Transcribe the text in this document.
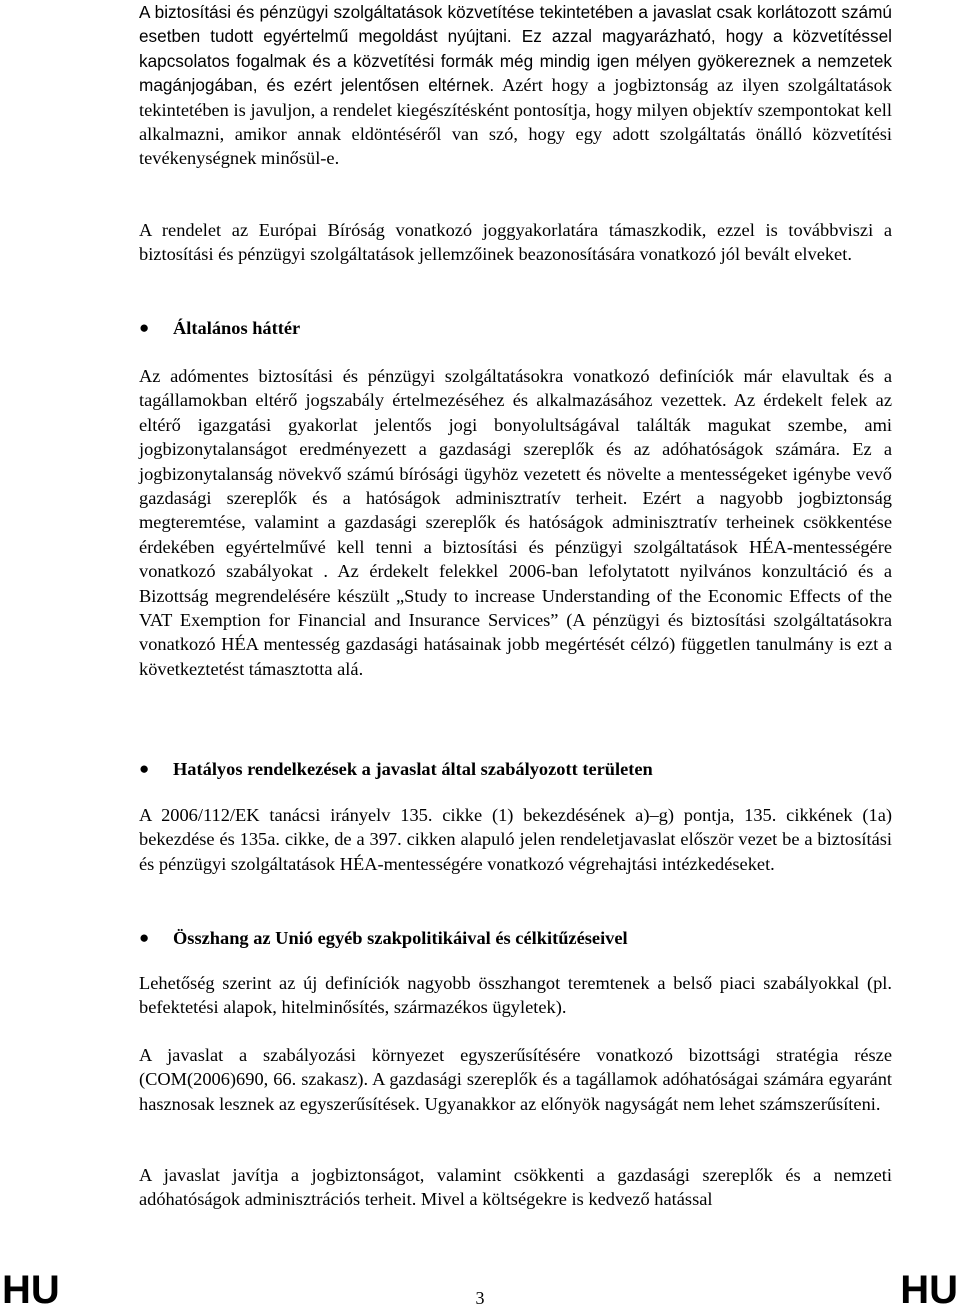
A biztosítási és pénzügyi szolgáltatások közvetítése tekintetében a javaslat csak korlátozott számú esetben tudott egyértelmű megoldást nyújtani. Ez azzal magyarázható, hogy a közvetítéssel kapcsolatos fogalmak és a közvetítési formák még mindig igen mélyen gyökereznek a nemzetek magánjogában, és ezért jelentősen eltérnek. Azért hogy a jogbiztonság az ilyen szolgáltatások tekintetében is javuljon, a rendelet kiegészítésként pontosítja, hogy milyen objektív szempontokat kell alkalmazni, amikor annak eldöntéséről van szó, hogy egy adott szolgáltatás önálló közvetítési tevékenységnek minősül-e.

A rendelet az Európai Bíróság vonatkozó joggyakorlatára támaszkodik, ezzel is továbbviszi a biztosítási és pénzügyi szolgáltatások jellemzőinek beazonosítására vonatkozó jól bevált elveket.

● Általános háttér

Az adómentes biztosítási és pénzügyi szolgáltatásokra vonatkozó definíciók már elavultak és a tagállamokban eltérő jogszabály értelmezéséhez és alkalmazásához vezettek. Az érdekelt felek az eltérő igazgatási gyakorlat jelentős jogi bonyolultságával találták magukat szembe, ami jogbizonytalanságot eredményezett a gazdasági szereplők és az adóhatóságok számára. Ez a jogbizonytalanság növekvő számú bírósági ügyhöz vezetett és növelte a mentességeket igénybe vevő gazdasági szereplők és a hatóságok adminisztratív terheit. Ezért a nagyobb jogbiztonság megteremtése, valamint a gazdasági szereplők és hatóságok adminisztratív terheinek csökkentése érdekében egyértelművé kell tenni a biztosítási és pénzügyi szolgáltatások HÉA-mentességére vonatkozó szabályokat . Az érdekelt felekkel 2006-ban lefolytatott nyilvános konzultáció és a Bizottság megrendelésére készült „Study to increase Understanding of the Economic Effects of the VAT Exemption for Financial and Insurance Services” (A pénzügyi és biztosítási szolgáltatásokra vonatkozó HÉA mentesség gazdasági hatásainak jobb megértését célzó) független tanulmány is ezt a következtetést támasztotta alá.

● Hatályos rendelkezések a javaslat által szabályozott területen

A 2006/112/EK tanácsi irányelv 135. cikke (1) bekezdésének a)–g) pontja, 135. cikkének (1a) bekezdése és 135a. cikke, de a 397. cikken alapuló jelen rendeletjavaslat először vezet be a biztosítási és pénzügyi szolgáltatások HÉA-mentességére vonatkozó végrehajtási intézkedéseket.

● Összhang az Unió egyéb szakpolitikáival és célkitűzéseivel

Lehetőség szerint az új definíciók nagyobb összhangot teremtenek a belső piaci szabályokkal (pl. befektetési alapok, hitelminősítés, származékos ügyletek).

A javaslat a szabályozási környezet egyszerűsítésére vonatkozó bizottsági stratégia része (COM(2006)690, 66. szakasz). A gazdasági szereplők és a tagállamok adóhatóságai számára egyaránt hasznosak lesznek az egyszerűsítések. Ugyanakkor az előnyök nagyságát nem lehet számszerűsíteni.

A javaslat javítja a jogbiztonságot, valamint csökkenti a gazdasági szereplők és a nemzeti adóhatóságok adminisztrációs terheit. Mivel a költségekre is kedvező hatással

HU	3	HU
